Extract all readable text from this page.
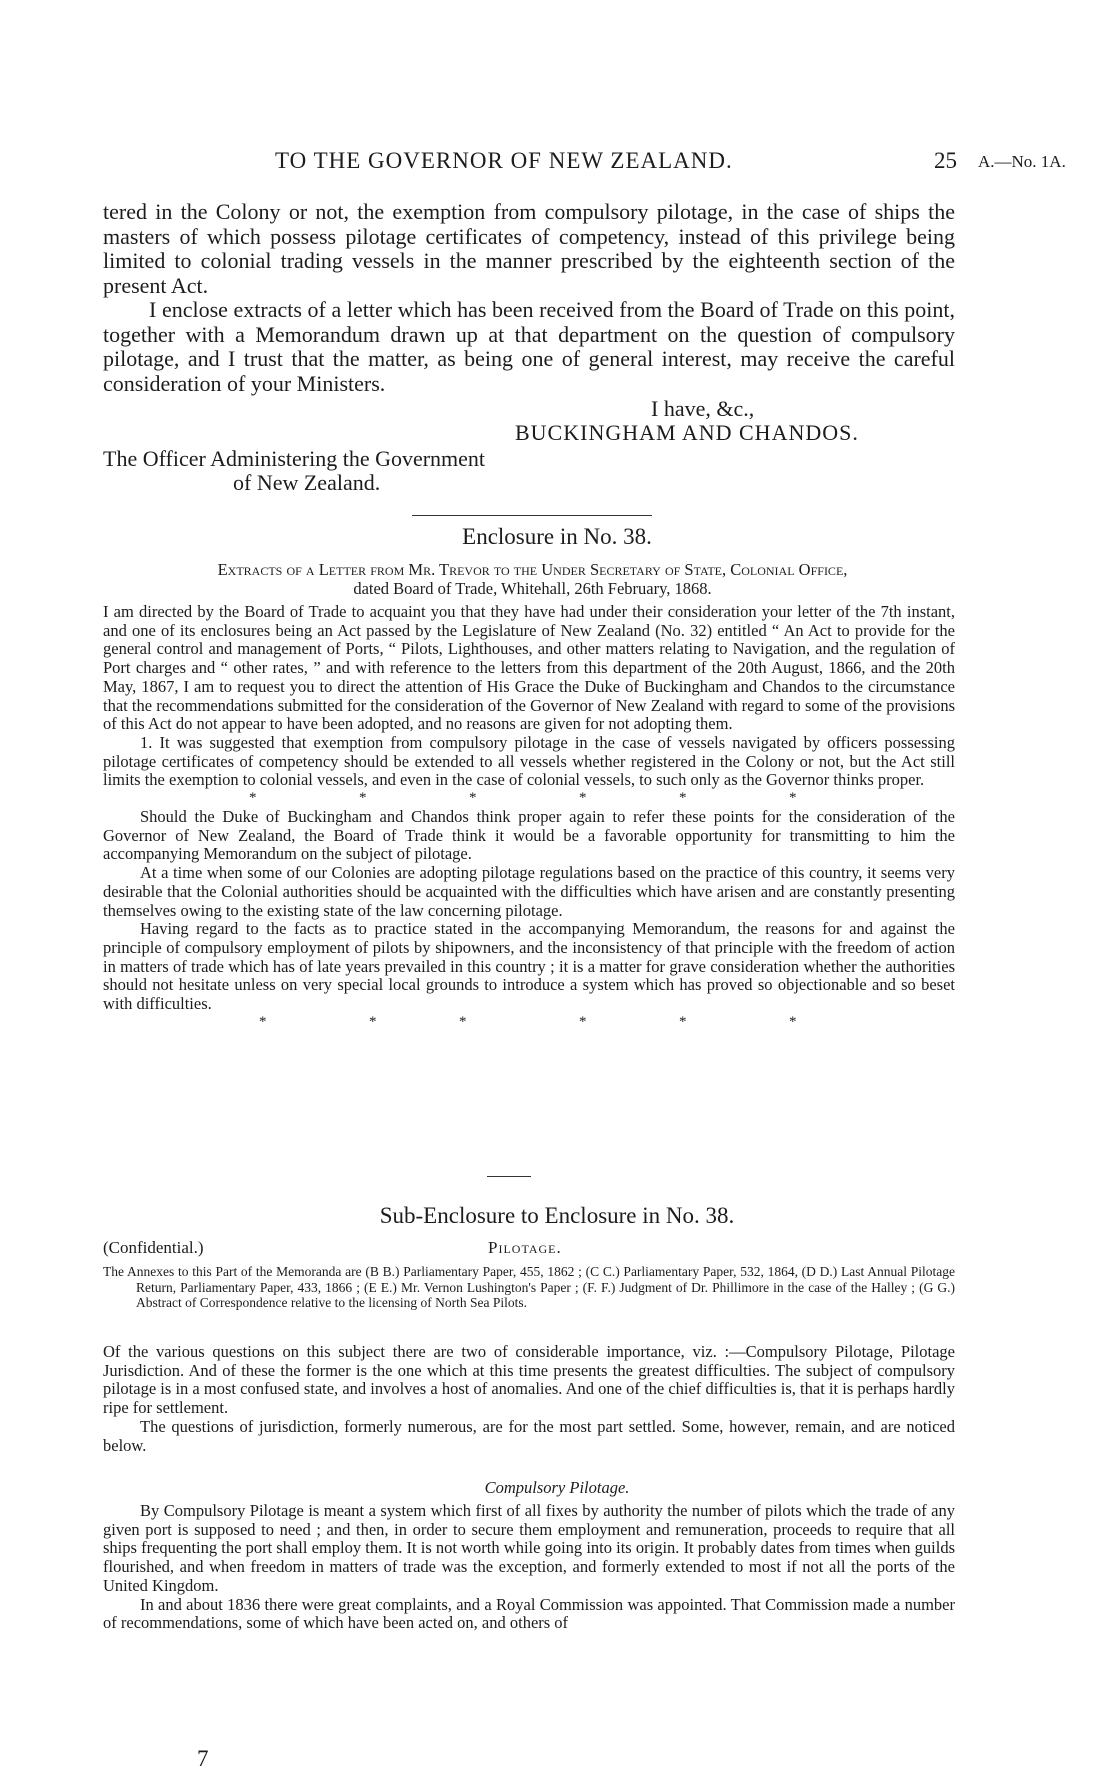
TO THE GOVERNOR OF NEW ZEALAND.	25 A.—No. 1A.

tered in the Colony or not, the exemption from compulsory pilotage, in the case of ships the masters of which possess pilotage certificates of competency, instead of this privilege being limited to colonial trading vessels in the manner prescribed by the eighteenth section of the present Act.

I enclose extracts of a letter which has been received from the Board of Trade on this point, together with a Memorandum drawn up at that department on the question of compulsory pilotage, and I trust that the matter, as being one of general interest, may receive the careful consideration of your Ministers.

I have, &c.,
BUCKINGHAM AND CHANDOS.
The Officer Administering the Government
of New Zealand.
Enclosure in No. 38.
Extracts of a Letter from Mr. Trevor to the Under Secretary of State, Colonial Office,
dated Board of Trade, Whitehall, 26th February, 1868.

I am directed by the Board of Trade to acquaint you that they have had under their consideration your letter of the 7th instant, and one of its enclosures being an Act passed by the Legislature of New Zealand (No. 32) entitled “ An Act to provide for the general control and management of Ports, “ Pilots, Lighthouses, and other matters relating to Navigation, and the regulation of Port charges and “ other rates, ” and with reference to the letters from this department of the 20th August, 1866, and the 20th May, 1867, I am to request you to direct the attention of His Grace the Duke of Buckingham and Chandos to the circumstance that the recommendations submitted for the consideration of the Governor of New Zealand with regard to some of the provisions of this Act do not appear to have been adopted, and no reasons are given for not adopting them.

1. It was suggested that exemption from compulsory pilotage in the case of vessels navigated by officers possessing pilotage certificates of competency should be extended to all vessels whether registered in the Colony or not, but the Act still limits the exemption to colonial vessels, and even in the case of colonial vessels, to such only as the Governor thinks proper.

*	*	*	*	*	*

Should the Duke of Buckingham and Chandos think proper again to refer these points for the consideration of the Governor of New Zealand, the Board of Trade think it would be a favorable opportunity for transmitting to him the accompanying Memorandum on the subject of pilotage.

At a time when some of our Colonies are adopting pilotage regulations based on the practice of this country, it seems very desirable that the Colonial authorities should be acquainted with the difficulties which have arisen and are constantly presenting themselves owing to the existing state of the law concerning pilotage.

Having regard to the facts as to practice stated in the accompanying Memorandum, the reasons for and against the principle of compulsory employment of pilots by shipowners, and the inconsistency of that principle with the freedom of action in matters of trade which has of late years prevailed in this country ; it is a matter for grave consideration whether the authorities should not hesitate unless on very special local grounds to introduce a system which has proved so objectionable and so beset with difficulties.

*	*	*	*	*	*
Sub-Enclosure to Enclosure in No. 38.
(Confidential.)	Pilotage.
The Annexes to this Part of the Memoranda are (B B.) Parliamentary Paper, 455, 1862 ; (C C.) Parliamentary Paper, 532, 1864, (D D.) Last Annual Pilotage Return, Parliamentary Paper, 433, 1866 ; (E E.) Mr. Vernon Lushington's Paper ; (F. F.) Judgment of Dr. Phillimore in the case of the Halley ; (G G.) Abstract of Correspondence relative to the licensing of North Sea Pilots.

Of the various questions on this subject there are two of considerable importance, viz. :—Compulsory Pilotage, Pilotage Jurisdiction. And of these the former is the one which at this time presents the greatest difficulties. The subject of compulsory pilotage is in a most confused state, and involves a host of anomalies. And one of the chief difficulties is, that it is perhaps hardly ripe for settlement.

The questions of jurisdiction, formerly numerous, are for the most part settled. Some, however, remain, and are noticed below.

Compulsory Pilotage.

By Compulsory Pilotage is meant a system which first of all fixes by authority the number of pilots which the trade of any given port is supposed to need ; and then, in order to secure them employment and remuneration, proceeds to require that all ships frequenting the port shall employ them. It is not worth while going into its origin. It probably dates from times when guilds flourished, and when freedom in matters of trade was the exception, and formerly extended to most if not all the ports of the United Kingdom.

In and about 1836 there were great complaints, and a Royal Commission was appointed. That Commission made a number of recommendations, some of which have been acted on, and others of

7
